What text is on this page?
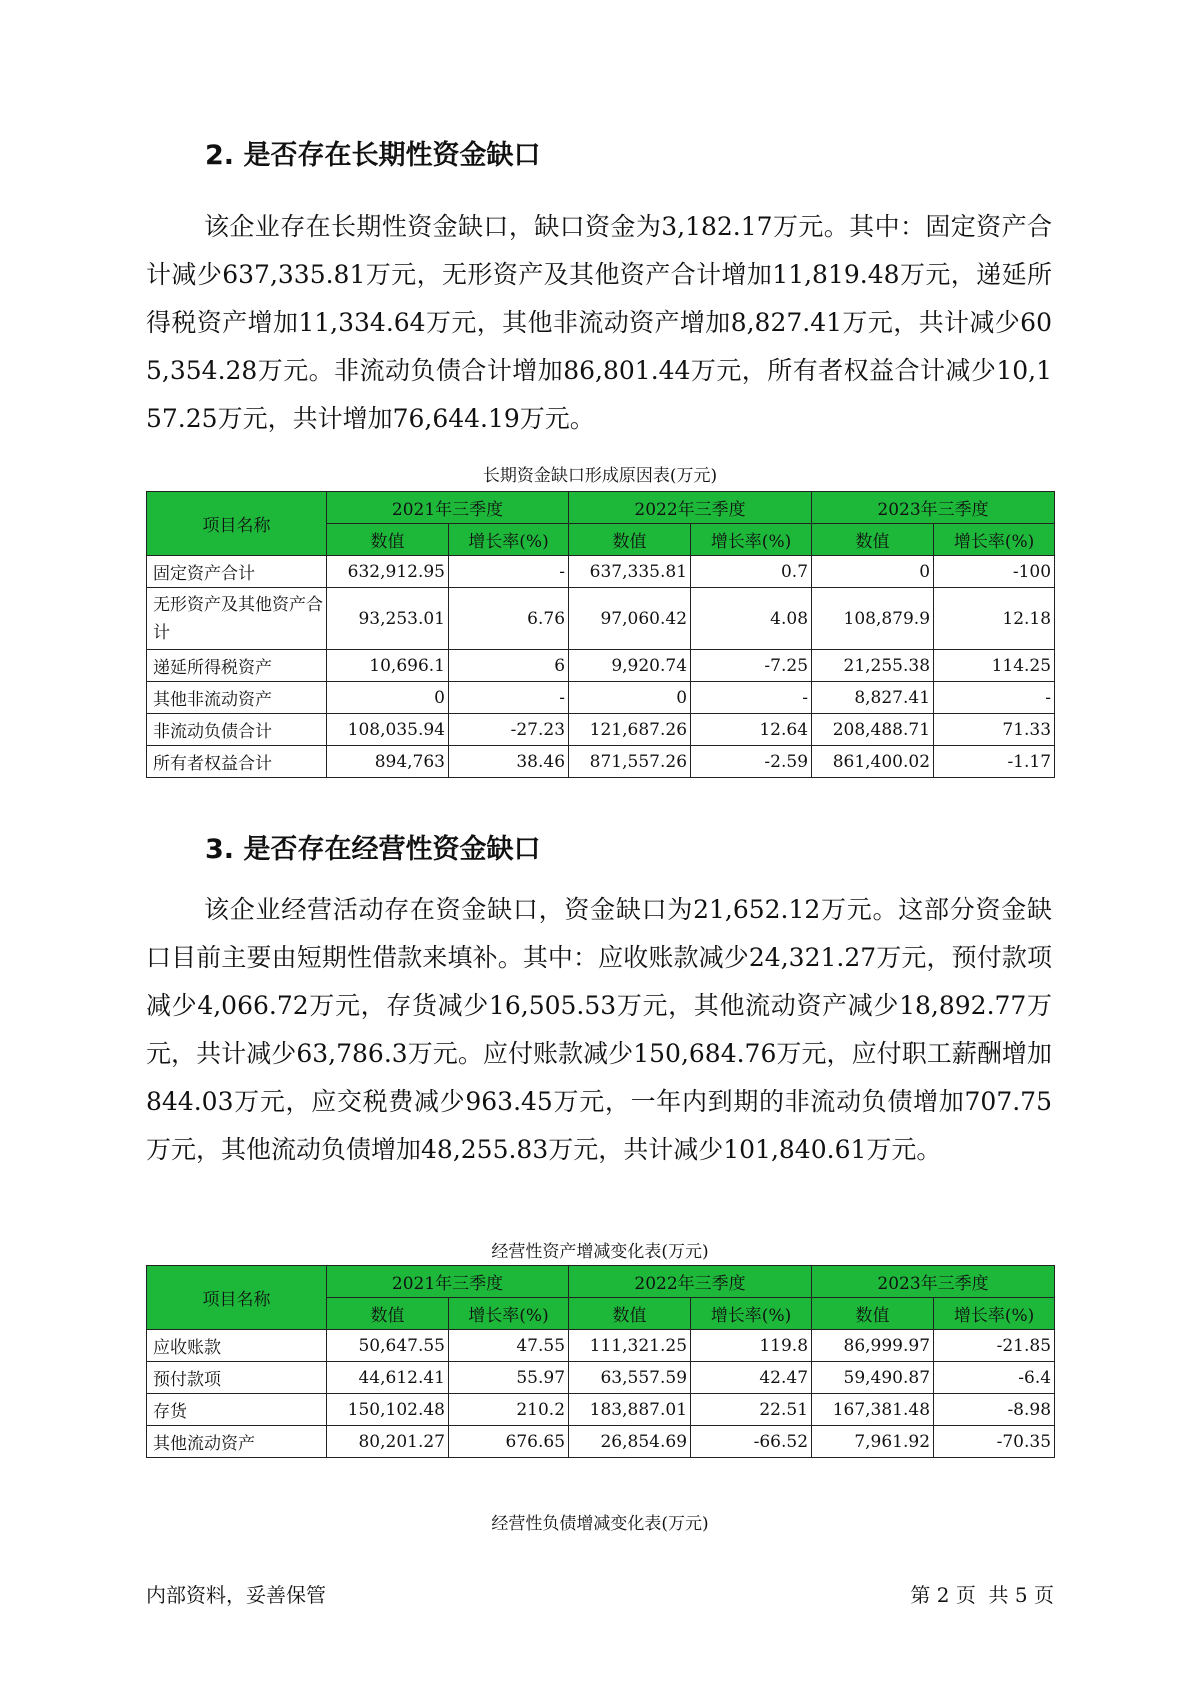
2. 是否存在长期性资金缺口

该企业存在长期性资金缺口，缺口资金为3,182.17万元。其中：固定资产合计减少637,335.81万元，无形资产及其他资产合计增加11,819.48万元，递延所得税资产增加11,334.64万元，其他非流动资产增加8,827.41万元，共计减少605,354.28万元。非流动负债合计增加86,801.44万元，所有者权益合计减少10,157.25万元，共计增加76,644.19万元。

长期资金缺口形成原因表(万元)
项目名称	2021年三季度		2022年三季度		2023年三季度	
	数值	增长率(%)	数值	增长率(%)	数值	增长率(%)
固定资产合计	632,912.95	-	637,335.81	0.7	0	-100
无形资产及其他资产合计	93,253.01	6.76	97,060.42	4.08	108,879.9	12.18
递延所得税资产	10,696.1	6	9,920.74	-7.25	21,255.38	114.25
其他非流动资产	0	-	0	-	8,827.41	-
非流动负债合计	108,035.94	-27.23	121,687.26	12.64	208,488.71	71.33
所有者权益合计	894,763	38.46	871,557.26	-2.59	861,400.02	-1.17
3. 是否存在经营性资金缺口

该企业经营活动存在资金缺口，资金缺口为21,652.12万元。这部分资金缺口目前主要由短期性借款来填补。其中：应收账款减少24,321.27万元，预付款项减少4,066.72万元，存货减少16,505.53万元，其他流动资产减少18,892.77万元，共计减少63,786.3万元。应付账款减少150,684.76万元，应付职工薪酬增加844.03万元，应交税费减少963.45万元，一年内到期的非流动负债增加707.75万元，其他流动负债增加48,255.83万元，共计减少101,840.61万元。

经营性资产增减变化表(万元)
项目名称	2021年三季度		2022年三季度		2023年三季度	
	数值	增长率(%)	数值	增长率(%)	数值	增长率(%)
应收账款	50,647.55	47.55	111,321.25	119.8	86,999.97	-21.85
预付款项	44,612.41	55.97	63,557.59	42.47	59,490.87	-6.4
存货	150,102.48	210.2	183,887.01	22.51	167,381.48	-8.98
其他流动资产	80,201.27	676.65	26,854.69	-66.52	7,961.92	-70.35
经营性负债增减变化表(万元)
内部资料，妥善保管	第 2 页  共 5 页
